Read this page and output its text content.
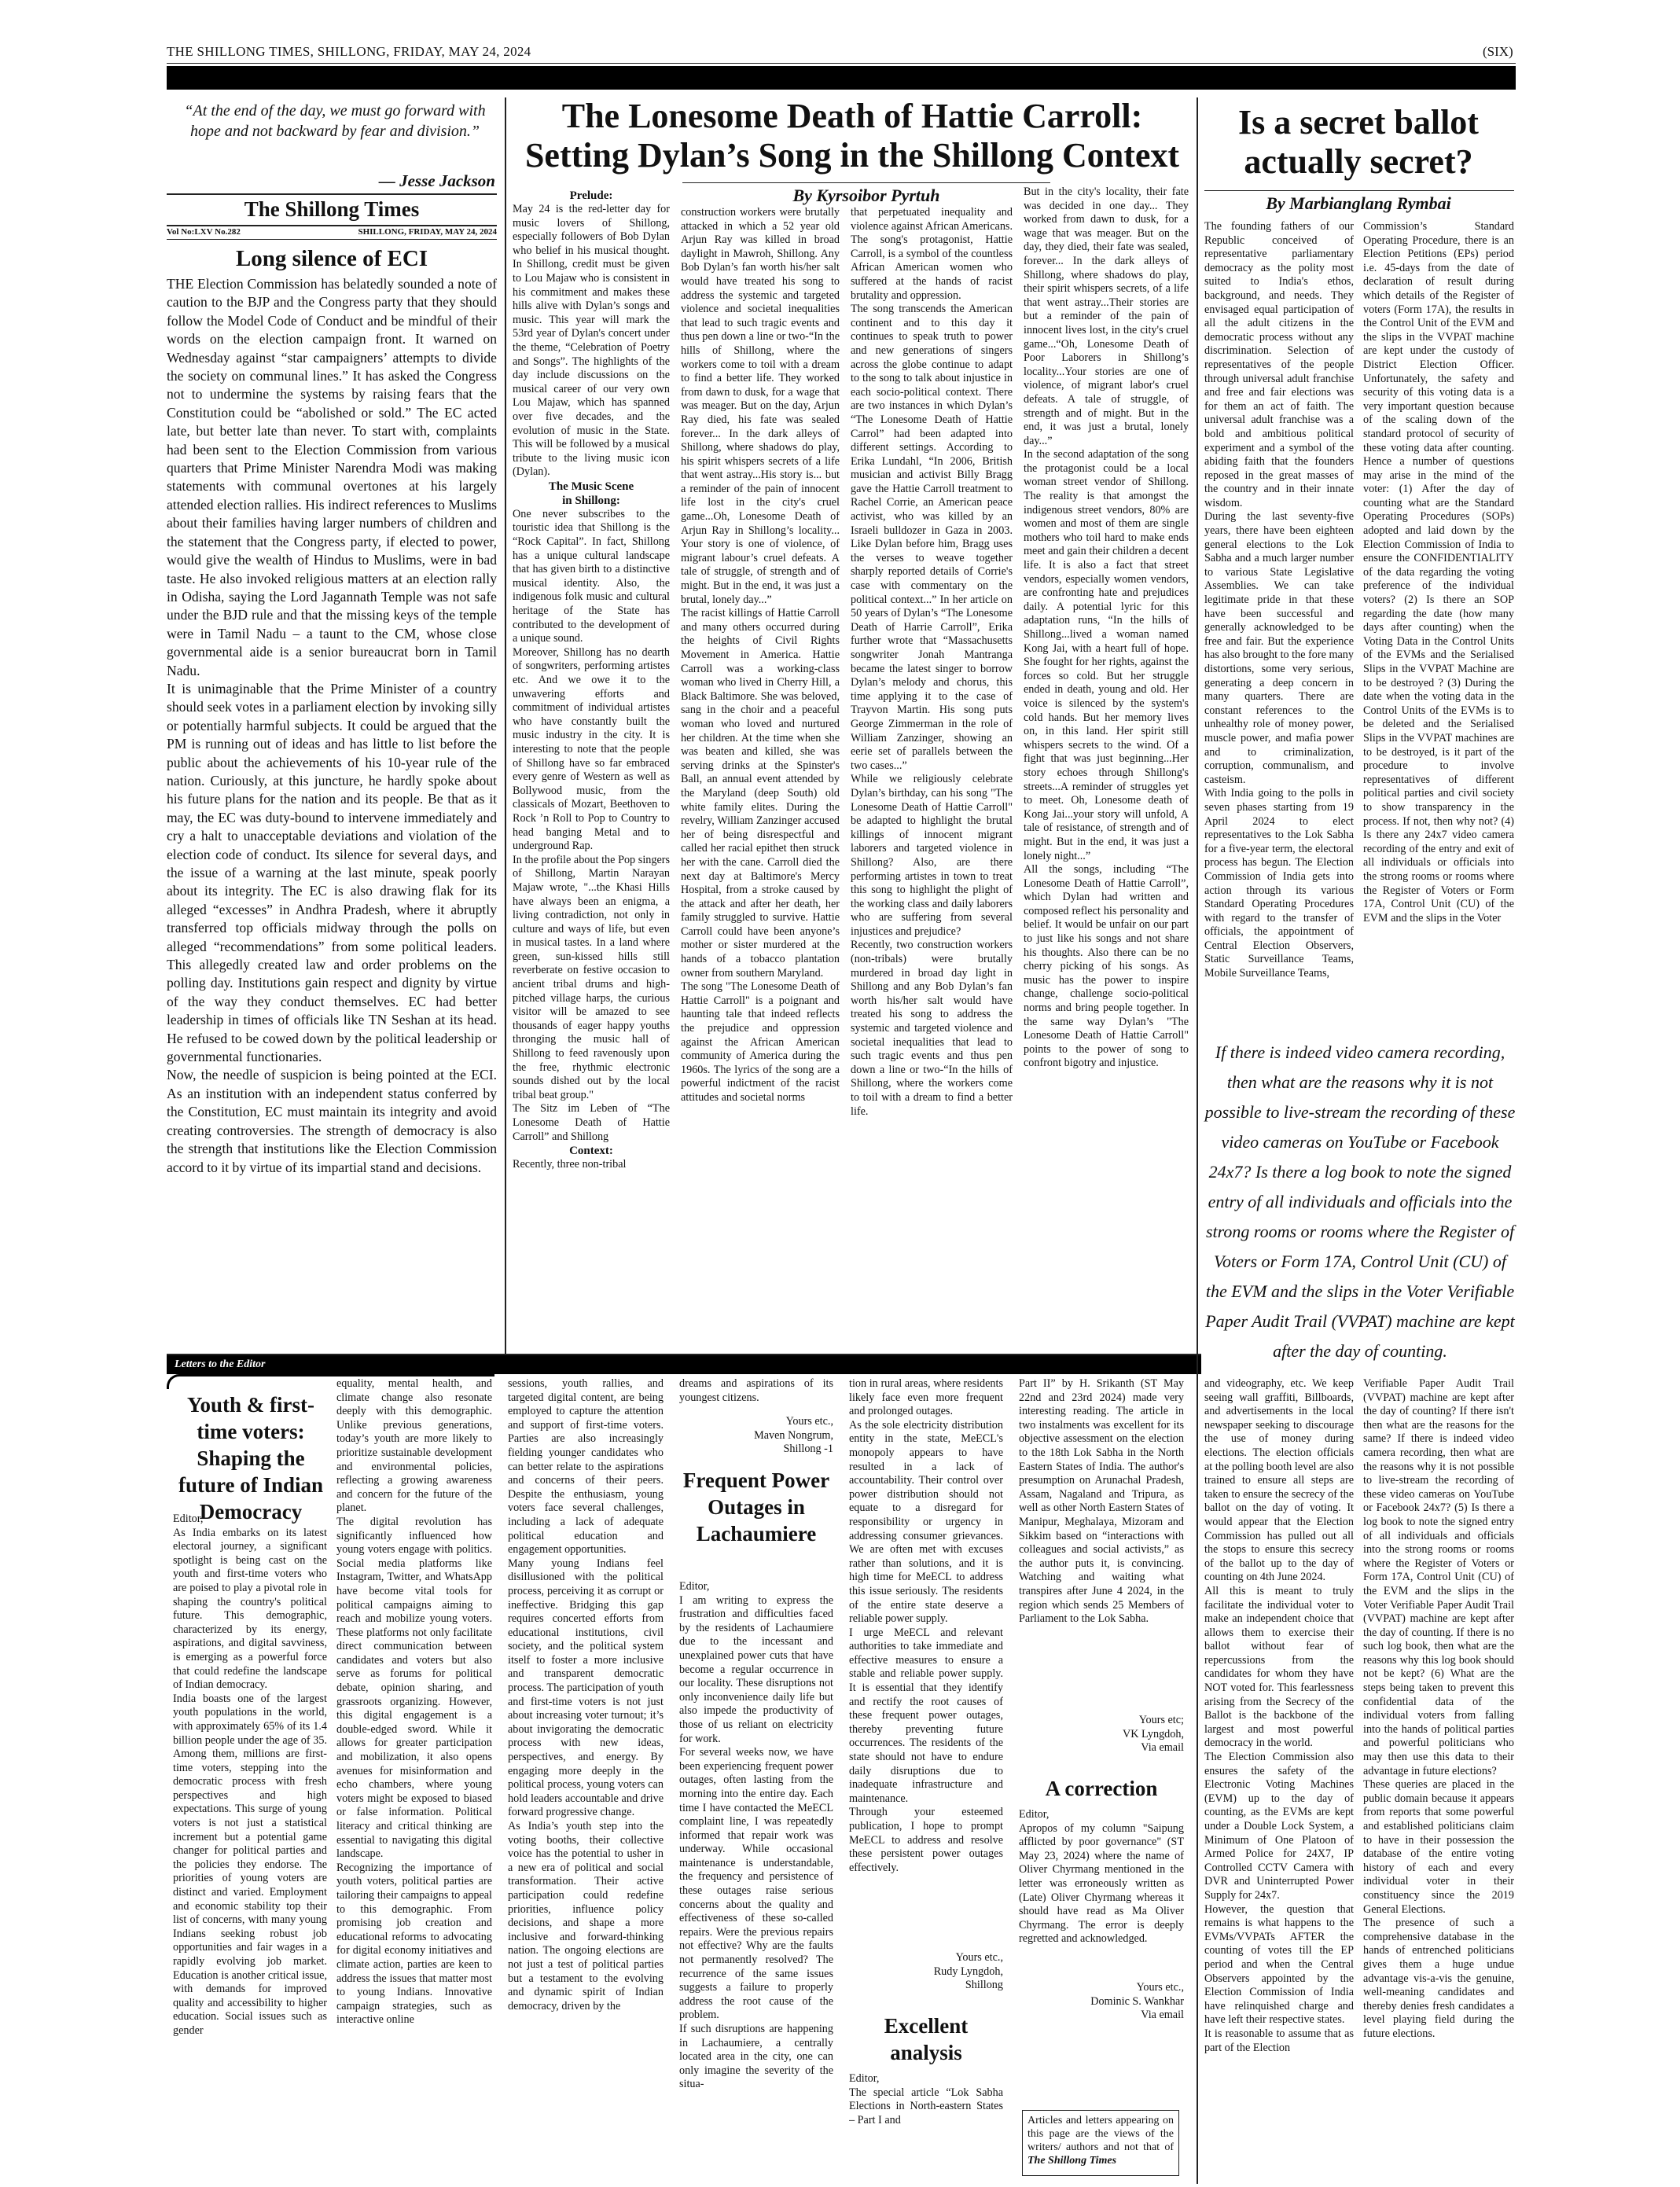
THE SHILLONG TIMES, SHILLONG, FRIDAY, MAY 24, 2024	(SIX)
“At the end of the day, we must go forward with hope and not backward by fear and division.”
— Jesse Jackson
The Shillong Times
Vol No:LXV No.282	SHILLONG, FRIDAY, MAY 24, 2024
Long silence of ECI
THE Election Commission has belatedly sounded a note of caution to the BJP and the Congress party that they should follow the Model Code of Conduct and be mindful of their words on the election campaign front. It warned on Wednesday against “star campaigners’ attempts to divide the society on communal lines.” It has asked the Congress not to undermine the systems by raising fears that the Constitution could be “abolished or sold.” The EC acted late, but better late than never. To start with, complaints had been sent to the Election Commission from various quarters that Prime Minister Narendra Modi was making statements with communal overtones at his largely attended election rallies. His indirect references to Muslims about their families having larger numbers of children and the statement that the Congress party, if elected to power, would give the wealth of Hindus to Muslims, were in bad taste. He also invoked religious matters at an election rally in Odisha, saying the Lord Jagannath Temple was not safe under the BJD rule and that the missing keys of the temple were in Tamil Nadu – a taunt to the CM, whose close governmental aide is a senior bureaucrat born in Tamil Nadu.
It is unimaginable that the Prime Minister of a country should seek votes in a parliament election by invoking silly or potentially harmful subjects. It could be argued that the PM is running out of ideas and has little to list before the public about the achievements of his 10-year rule of the nation. Curiously, at this juncture, he hardly spoke about his future plans for the nation and its people. Be that as it may, the EC was duty-bound to intervene immediately and cry a halt to unacceptable deviations and violation of the election code of conduct. Its silence for several days, and the issue of a warning at the last minute, speak poorly about its integrity. The EC is also drawing flak for its alleged “excesses” in Andhra Pradesh, where it abruptly transferred top officials midway through the polls on alleged “recommendations” from some political leaders. This allegedly created law and order problems on the polling day. Institutions gain respect and dignity by virtue of the way they conduct themselves. EC had better leadership in times of officials like TN Seshan at its head. He refused to be cowed down by the political leadership or governmental functionaries.
Now, the needle of suspicion is being pointed at the ECI. As an institution with an independent status conferred by the Constitution, EC must maintain its integrity and avoid creating controversies. The strength of democracy is also the strength that institutions like the Election Commission accord to it by virtue of its impartial stand and decisions.
The Lonesome Death of Hattie Carroll:
Setting Dylan’s Song in the Shillong Context
By Kyrsoibor Pyrtuh
Prelude:
May 24 is the red-letter day for music lovers of Shillong, especially followers of Bob Dylan who belief in his musical thought. In Shillong, credit must be given to Lou Majaw who is consistent in his commitment and makes these hills alive with Dylan’s songs and music. This year will mark the 53rd year of Dylan's concert under the theme, “Celebration of Poetry and Songs”. The highlights of the day include discussions on the musical career of our very own Lou Majaw, which has spanned over five decades, and the evolution of music in the State. This will be followed by a musical tribute to the living music icon (Dylan).
The Music Scene
in Shillong:
One never subscribes to the touristic idea that Shillong is the “Rock Capital”. In fact, Shillong has a unique cultural landscape that has given birth to a distinctive musical identity. Also, the indigenous folk music and cultural heritage of the State has contributed to the development of a unique sound.
Moreover, Shillong has no dearth of songwriters, performing artistes etc. And we owe it to the unwavering efforts and commitment of individual artistes who have constantly built the music industry in the city. It is interesting to note that the people of Shillong have so far embraced every genre of Western as well as Bollywood music, from the classicals of Mozart, Beethoven to Rock ’n Roll to Pop to Country to head banging Metal and to underground Rap.
In the profile about the Pop singers of Shillong, Martin Narayan Majaw wrote, "...the Khasi Hills have always been an enigma, a living contradiction, not only in culture and ways of life, but even in musical tastes. In a land where green, sun-kissed hills still reverberate on festive occasion to ancient tribal drums and high-pitched village harps, the curious visitor will be amazed to see thousands of eager happy youths thronging the music hall of Shillong to feed ravenously upon the free, rhythmic electronic sounds dished out by the local tribal beat group."
The Sitz im Leben of “The Lonesome Death of Hattie Carroll” and Shillong
Context:
Recently, three non-tribal
construction workers were brutally attacked in which a 52 year old Arjun Ray was killed in broad daylight in Mawroh, Shillong. Any Bob Dylan’s fan worth his/her salt would have treated his song to address the systemic and targeted violence and societal inequalities that lead to such tragic events and thus pen down a line or two-“In the hills of Shillong, where the workers come to toil with a dream to find a better life. They worked from dawn to dusk, for a wage that was meager. But on the day, Arjun Ray died, his fate was sealed forever... In the dark alleys of Shillong, where shadows do play, his spirit whispers secrets of a life that went astray...His story is... but a reminder of the pain of innocent life lost in the city's cruel game...Oh, Lonesome Death of Arjun Ray in Shillong’s locality... Your story is one of violence, of migrant labour’s cruel defeats. A tale of struggle, of strength and of might. But in the end, it was just a brutal, lonely day...”
The racist killings of Hattie Carroll and many others occurred during the heights of Civil Rights Movement in America. Hattie Carroll was a working-class woman who lived in Cherry Hill, a Black Baltimore. She was beloved, sang in the choir and a peaceful woman who loved and nurtured her children. At the time when she was beaten and killed, she was serving drinks at the Spinster's Ball, an annual event attended by the Maryland (deep South) old white family elites. During the revelry, William Zanzinger accused her of being disrespectful and called her racial epithet then struck her with the cane. Carroll died the next day at Baltimore's Mercy Hospital, from a stroke caused by the attack and after her death, her family struggled to survive. Hattie Carroll could have been anyone’s mother or sister murdered at the hands of a tobacco plantation owner from southern Maryland.
The song "The Lonesome Death of Hattie Carroll" is a poignant and haunting tale that indeed reflects the prejudice and oppression against the African American community of America during the 1960s. The lyrics of the song are a powerful indictment of the racist attitudes and societal norms
that perpetuated inequality and violence against African Americans. The song's protagonist, Hattie Carroll, is a symbol of the countless African American women who suffered at the hands of racist brutality and oppression.
The song transcends the American continent and to this day it continues to speak truth to power and new generations of singers across the globe continue to adapt to the song to talk about injustice in each socio-political context. There are two instances in which Dylan’s “The Lonesome Death of Hattie Carrol” had been adapted into different settings. According to Erika Lundahl, “In 2006, British musician and activist Billy Bragg gave the Hattie Carroll treatment to Rachel Corrie, an American peace activist, who was killed by an Israeli bulldozer in Gaza in 2003. Like Dylan before him, Bragg uses the verses to weave together sharply reported details of Corrie's case with commentary on the political context...” In her article on 50 years of Dylan’s “The Lonesome Death of Harrie Carroll”, Erika further wrote that “Massachusetts songwriter Jonah Mantranga became the latest singer to borrow Dylan’s melody and chorus, this time applying it to the case of Trayvon Martin. His song puts George Zimmerman in the role of William Zanzinger, showing an eerie set of parallels between the two cases...”
While we religiously celebrate Dylan’s birthday, can his song "The Lonesome Death of Hattie Carroll" be adapted to highlight the brutal killings of innocent migrant laborers and targeted violence in Shillong? Also, are there performing artistes in town to treat this song to highlight the plight of the working class and daily laborers who are suffering from several injustices and prejudice?
Recently, two construction workers (non-tribals) were brutally murdered in broad day light in Shillong and any Bob Dylan’s fan worth his/her salt would have treated his song to address the systemic and targeted violence and societal inequalities that lead to such tragic events and thus pen down a line or two-“In the hills of Shillong, where the workers come to toil with a dream to find a better life.
But in the city's locality, their fate was decided in one day... They worked from dawn to dusk, for a wage that was meager. But on the day, they died, their fate was sealed, forever... In the dark alleys of Shillong, where shadows do play, their spirit whispers secrets, of a life that went astray...Their stories are but a reminder of the pain of innocent lives lost, in the city's cruel game...“Oh, Lonesome Death of Poor Laborers in Shillong’s locality...Your stories are one of violence, of migrant labor's cruel defeats. A tale of struggle, of strength and of might. But in the end, it was just a brutal, lonely day...”
In the second adaptation of the song the protagonist could be a local woman street vendor of Shillong. The reality is that amongst the indigenous street vendors, 80% are women and most of them are single mothers who toil hard to make ends meet and gain their children a decent life. It is also a fact that street vendors, especially women vendors, are confronting hate and prejudices daily. A potential lyric for this adaptation runs, “In the hills of Shillong...lived a woman named Kong Jai, with a heart full of hope. She fought for her rights, against the forces so cold. But her struggle ended in death, young and old. Her voice is silenced by the system's cold hands. But her memory lives on, in this land. Her spirit still whispers secrets to the wind. Of a fight that was just beginning...Her story echoes through Shillong's streets...A reminder of struggles yet to meet. Oh, Lonesome death of Kong Jai...your story will unfold, A tale of resistance, of strength and of might. But in the end, it was just a lonely night...”
All the songs, including “The Lonesome Death of Hattie Carroll”, which Dylan had written and composed reflect his personality and belief. It would be unfair on our part to just like his songs and not share his thoughts. Also there can be no cherry picking of his songs. As music has the power to inspire change, challenge socio-political norms and bring people together. In the same way Dylan’s "The Lonesome Death of Hattie Carroll" points to the power of song to confront bigotry and injustice.
Is a secret ballot
actually secret?
By Marbianglang Rymbai
The founding fathers of our Republic conceived of representative parliamentary democracy as the polity most suited to India's ethos, background, and needs. They envisaged equal participation of all the adult citizens in the democratic process without any discrimination. Selection of representatives of the people through universal adult franchise and free and fair elections was for them an act of faith. The universal adult franchise was a bold and ambitious political experiment and a symbol of the abiding faith that the founders reposed in the great masses of the country and in their innate wisdom.
During the last seventy-five years, there have been eighteen general elections to the Lok Sabha and a much larger number to various State Legislative Assemblies. We can take legitimate pride in that these have been successful and generally acknowledged to be free and fair. But the experience has also brought to the fore many distortions, some very serious, generating a deep concern in many quarters. There are constant references to the unhealthy role of money power, muscle power, and mafia power and to criminalization, corruption, communalism, and casteism.
With India going to the polls in seven phases starting from 19 April 2024 to elect representatives to the Lok Sabha for a five-year term, the electoral process has begun. The Election Commission of India gets into action through its various Standard Operating Procedures with regard to the transfer of officials, the appointment of Central Election Observers, Static Surveillance Teams, Mobile Surveillance Teams,
Commission’s Standard Operating Procedure, there is an Election Petitions (EPs) period i.e. 45-days from the date of declaration of result during which details of the Register of voters (Form 17A), the results in the Control Unit of the EVM and the slips in the VVPAT machine are kept under the custody of District Election Officer. Unfortunately, the safety and security of this voting data is a very important question because of the scaling down of the standard protocol of security of these voting data after counting. Hence a number of questions may arise in the mind of the voter: (1) After the day of counting what are the Standard Operating Procedures (SOPs) adopted and laid down by the Election Commission of India to ensure the CONFIDENTIALITY of the data regarding the voting preference of the individual voters? (2) Is there an SOP regarding the date (how many days after counting) when the Voting Data in the Control Units of the EVMs and the Serialised Slips in the VVPAT Machine are to be destroyed ? (3) During the date when the voting data in the Control Units of the EVMs is to be deleted and the Serialised Slips in the VVPAT machines are to be destroyed, is it part of the procedure to involve representatives of different political parties and civil society to show transparency in the process. If not, then why not? (4) Is there any 24x7 video camera recording of the entry and exit of all individuals or officials into the strong rooms or rooms where the Register of Voters or Form 17A, Control Unit (CU) of the EVM and the slips in the Voter
If there is indeed video camera recording, then what are the reasons why it is not possible to live-stream the recording of these video cameras on YouTube or Facebook 24x7? Is there a log book to note the signed entry of all individuals and officials into the strong rooms or rooms where the Register of Voters or Form 17A, Control Unit (CU) of the EVM and the slips in the Voter Verifiable Paper Audit Trail (VVPAT) machine are kept after the day of counting.
Letters to the Editor
Youth & first-time voters: Shaping the future of Indian Democracy
Editor,
As India embarks on its latest electoral journey, a significant spotlight is being cast on the youth and first-time voters who are poised to play a pivotal role in shaping the country's political future. This demographic, characterized by its energy, aspirations, and digital savviness, is emerging as a powerful force that could redefine the landscape of Indian democracy.
India boasts one of the largest youth populations in the world, with approximately 65% of its 1.4 billion people under the age of 35. Among them, millions are first-time voters, stepping into the democratic process with fresh perspectives and high expectations. This surge of young voters is not just a statistical increment but a potential game changer for political parties and the policies they endorse. The priorities of young voters are distinct and varied. Employment and economic stability top their list of concerns, with many young Indians seeking robust job opportunities and fair wages in a rapidly evolving job market. Education is another critical issue, with demands for improved quality and accessibility to higher education. Social issues such as gender
equality, mental health, and climate change also resonate deeply with this demographic. Unlike previous generations, today’s youth are more likely to prioritize sustainable development and environmental policies, reflecting a growing awareness and concern for the future of the planet.
The digital revolution has significantly influenced how young voters engage with politics. Social media platforms like Instagram, Twitter, and WhatsApp have become vital tools for political campaigns aiming to reach and mobilize young voters. These platforms not only facilitate direct communication between candidates and voters but also serve as forums for political debate, opinion sharing, and grassroots organizing. However, this digital engagement is a double-edged sword. While it allows for greater participation and mobilization, it also opens avenues for misinformation and echo chambers, where young voters might be exposed to biased or false information. Political literacy and critical thinking are essential to navigating this digital landscape.
Recognizing the importance of youth voters, political parties are tailoring their campaigns to appeal to this demographic. From promising job creation and educational reforms to advocating for digital economy initiatives and climate action, parties are keen to address the issues that matter most to young Indians. Innovative campaign strategies, such as interactive online
sessions, youth rallies, and targeted digital content, are being employed to capture the attention and support of first-time voters. Parties are also increasingly fielding younger candidates who can better relate to the aspirations and concerns of their peers. Despite the enthusiasm, young voters face several challenges, including a lack of adequate political education and engagement opportunities.
Many young Indians feel disillusioned with the political process, perceiving it as corrupt or ineffective. Bridging this gap requires concerted efforts from educational institutions, civil society, and the political system itself to foster a more inclusive and transparent democratic process. The participation of youth and first-time voters is not just about increasing voter turnout; it’s about invigorating the democratic process with new ideas, perspectives, and energy. By engaging more deeply in the political process, young voters can hold leaders accountable and drive forward progressive change.
As India’s youth step into the voting booths, their collective voice has the potential to usher in a new era of political and social transformation. Their active participation could redefine priorities, influence policy decisions, and shape a more inclusive and forward-thinking nation. The ongoing elections are not just a test of political parties but a testament to the evolving and dynamic spirit of Indian democracy, driven by the
dreams and aspirations of its youngest citizens.
Yours etc.,
Maven Nongrum,
Shillong -1
Frequent Power Outages in Lachaumiere
Editor,
I am writing to express the frustration and difficulties faced by the residents of Lachaumiere due to the incessant and unexplained power cuts that have become a regular occurrence in our locality. These disruptions not only inconvenience daily life but also impede the productivity of those of us reliant on electricity for work.
For several weeks now, we have been experiencing frequent power outages, often lasting from the morning into the entire day. Each time I have contacted the MeECL complaint line, I was repeatedly informed that repair work was underway. While occasional maintenance is understandable, the frequency and persistence of these outages raise serious concerns about the quality and effectiveness of these so-called repairs. Were the previous repairs not effective? Why are the faults not permanently resolved? The recurrence of the same issues suggests a failure to properly address the root cause of the problem.
If such disruptions are happening in Lachaumiere, a centrally located area in the city, one can only imagine the severity of the situa-
tion in rural areas, where residents likely face even more frequent and prolonged outages.
As the sole electricity distribution entity in the state, MeECL's monopoly appears to have resulted in a lack of accountability. Their control over power distribution should not equate to a disregard for responsibility or urgency in addressing consumer grievances. We are often met with excuses rather than solutions, and it is high time for MeECL to address this issue seriously. The residents of the entire state deserve a reliable power supply.
I urge MeECL and relevant authorities to take immediate and effective measures to ensure a stable and reliable power supply. It is essential that they identify and rectify the root causes of these frequent power outages, thereby preventing future occurrences. The residents of the state should not have to endure daily disruptions due to inadequate infrastructure and maintenance.
Through your esteemed publication, I hope to prompt MeECL to address and resolve these persistent power outages effectively.
Yours etc.,
Rudy Lyngdoh,
Shillong
Excellent analysis
Editor,
The special article “Lok Sabha Elections in North-eastern States – Part I and
Part II” by H. Srikanth (ST May 22nd and 23rd 2024) made very interesting reading. The article in two instalments was excellent for its objective assessment on the election to the 18th Lok Sabha in the North Eastern States of India. The author's presumption on Arunachal Pradesh, Assam, Nagaland and Tripura, as well as other North Eastern States of Manipur, Meghalaya, Mizoram and Sikkim based on “interactions with colleagues and social activists,” as the author puts it, is convincing. Watching and waiting what transpires after June 4 2024, in the region which sends 25 Members of Parliament to the Lok Sabha.
Yours etc;
VK Lyngdoh,
Via email
A correction
Editor,
Apropos of my column "Saipung afflicted by poor governance" (ST May 23, 2024) where the name of Oliver Chyrmang mentioned in the letter was erroneously written as (Late) Oliver Chyrmang whereas it should have read as Ma Oliver Chyrmang. The error is deeply regretted and acknowledged.
Yours etc.,
Dominic S. Wankhar
Via email
Articles and letters appearing on this page are the views of the writers/ authors and not that of The Shillong Times
and videography, etc. We keep seeing wall graffiti, Billboards, and advertisements in the local newspaper seeking to discourage the use of money during elections. The election officials at the polling booth level are also trained to ensure all steps are taken to ensure the secrecy of the ballot on the day of voting. It would appear that the Election Commission has pulled out all the stops to ensure this secrecy of the ballot up to the day of counting on 4th June 2024.
All this is meant to truly facilitate the individual voter to make an independent choice that allows them to exercise their ballot without fear of repercussions from the candidates for whom they have NOT voted for. This fearlessness arising from the Secrecy of the Ballot is the backbone of the largest and most powerful democracy in the world.
The Election Commission also ensures the safety of the Electronic Voting Machines (EVM) up to the day of counting, as the EVMs are kept under a Double Lock System, a Minimum of One Platoon of Armed Police for 24X7, IP Controlled CCTV Camera with DVR and Uninterrupted Power Supply for 24x7.
However, the question that remains is what happens to the EVMs/VVPATs AFTER the counting of votes till the EP period and when the Central Observers appointed by the Election Commission of India have relinquished charge and have left their respective states.
It is reasonable to assume that as part of the Election
Verifiable Paper Audit Trail (VVPAT) machine are kept after the day of counting? If there isn't then what are the reasons for the same? If there is indeed video camera recording, then what are the reasons why it is not possible to live-stream the recording of these video cameras on YouTube or Facebook 24x7? (5) Is there a log book to note the signed entry of all individuals and officials into the strong rooms or rooms where the Register of Voters or Form 17A, Control Unit (CU) of the EVM and the slips in the Voter Verifiable Paper Audit Trail (VVPAT) machine are kept after the day of counting. If there is no such log book, then what are the reasons why this log book should not be kept? (6) What are the steps being taken to prevent this confidential data of the individual voters from falling into the hands of political parties and powerful politicians who may then use this data to their advantage in future elections?
These queries are placed in the public domain because it appears from reports that some powerful and established politicians claim to have in their possession the database of the entire voting history of each and every individual voter in their constituency since the 2019 General Elections.
The presence of such a comprehensive database in the hands of entrenched politicians gives them a huge undue advantage vis-a-vis the genuine, well-meaning candidates and thereby denies fresh candidates a level playing field during the future elections.
